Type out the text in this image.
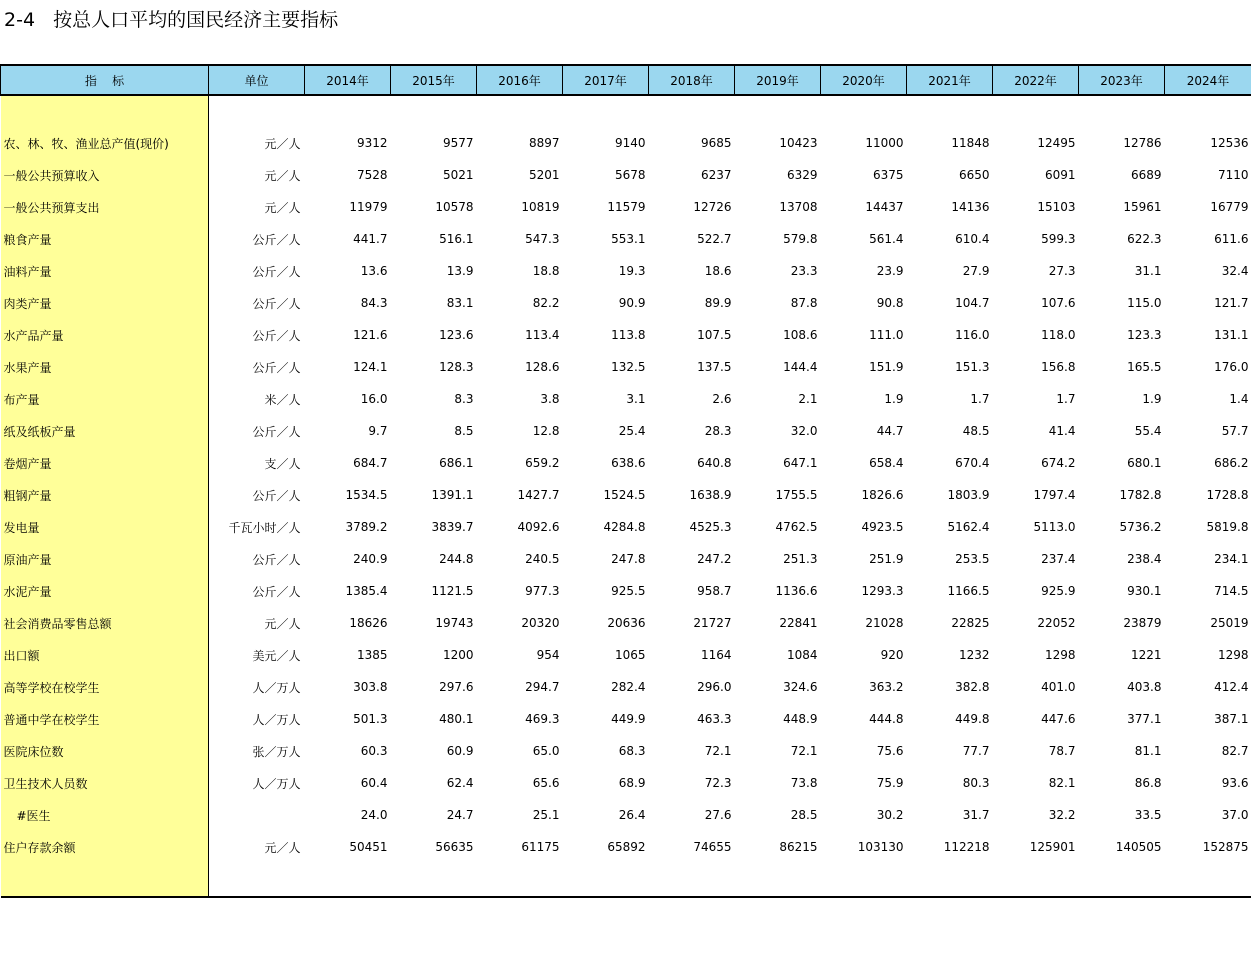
2-4   按总人口平均的国民经济主要指标
指    标	单位	2014年	2015年	2016年	2017年	2018年	2019年	2020年	2021年	2022年	2023年	2024年

农、林、牧、渔业总产值(现价)	元／人	9312	9577	8897	9140	9685	10423	11000	11848	12495	12786	12536
一般公共预算收入	元／人	7528	5021	5201	5678	6237	6329	6375	6650	6091	6689	7110
一般公共预算支出	元／人	11979	10578	10819	11579	12726	13708	14437	14136	15103	15961	16779
粮食产量	公斤／人	441.7	516.1	547.3	553.1	522.7	579.8	561.4	610.4	599.3	622.3	611.6
油料产量	公斤／人	13.6	13.9	18.8	19.3	18.6	23.3	23.9	27.9	27.3	31.1	32.4
肉类产量	公斤／人	84.3	83.1	82.2	90.9	89.9	87.8	90.8	104.7	107.6	115.0	121.7
水产品产量	公斤／人	121.6	123.6	113.4	113.8	107.5	108.6	111.0	116.0	118.0	123.3	131.1
水果产量	公斤／人	124.1	128.3	128.6	132.5	137.5	144.4	151.9	151.3	156.8	165.5	176.0
布产量	米／人	16.0	8.3	3.8	3.1	2.6	2.1	1.9	1.7	1.7	1.9	1.4
纸及纸板产量	公斤／人	9.7	8.5	12.8	25.4	28.3	32.0	44.7	48.5	41.4	55.4	57.7
卷烟产量	支／人	684.7	686.1	659.2	638.6	640.8	647.1	658.4	670.4	674.2	680.1	686.2
粗钢产量	公斤／人	1534.5	1391.1	1427.7	1524.5	1638.9	1755.5	1826.6	1803.9	1797.4	1782.8	1728.8
发电量	千瓦小时／人	3789.2	3839.7	4092.6	4284.8	4525.3	4762.5	4923.5	5162.4	5113.0	5736.2	5819.8
原油产量	公斤／人	240.9	244.8	240.5	247.8	247.2	251.3	251.9	253.5	237.4	238.4	234.1
水泥产量	公斤／人	1385.4	1121.5	977.3	925.5	958.7	1136.6	1293.3	1166.5	925.9	930.1	714.5
社会消费品零售总额	元／人	18626	19743	20320	20636	21727	22841	21028	22825	22052	23879	25019
出口额	美元／人	1385	1200	954	1065	1164	1084	920	1232	1298	1221	1298
高等学校在校学生	人／万人	303.8	297.6	294.7	282.4	296.0	324.6	363.2	382.8	401.0	403.8	412.4
普通中学在校学生	人／万人	501.3	480.1	469.3	449.9	463.3	448.9	444.8	449.8	447.6	377.1	387.1
医院床位数	张／万人	60.3	60.9	65.0	68.3	72.1	72.1	75.6	77.7	78.7	81.1	82.7
卫生技术人员数	人／万人	60.4	62.4	65.6	68.9	72.3	73.8	75.9	80.3	82.1	86.8	93.6
#医生		24.0	24.7	25.1	26.4	27.6	28.5	30.2	31.7	32.2	33.5	37.0
住户存款余额	元／人	50451	56635	61175	65892	74655	86215	103130	112218	125901	140505	152875
